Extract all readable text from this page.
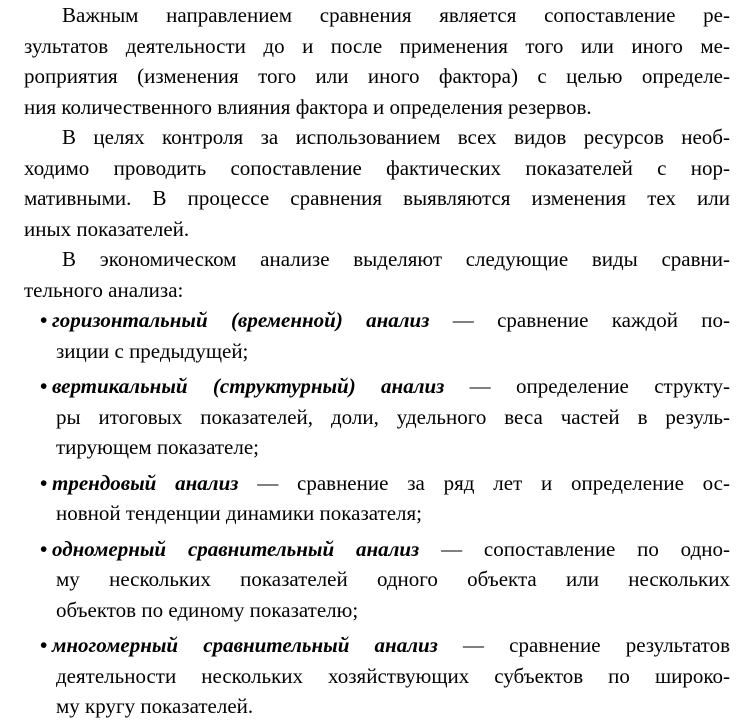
Важным направлением сравнения является сопоставление ре-
зультатов деятельности до и после применения того или иного ме-
роприятия (изменения того или иного фактора) с целью определе-
ния количественного влияния фактора и определения резервов.
В целях контроля за использованием всех видов ресурсов необ-
ходимо проводить сопоставление фактических показателей с нор-
мативными. В процессе сравнения выявляются изменения тех или
иных показателей.
В экономическом анализе выделяют следующие виды сравни-
тельного анализа:
• горизонтальный (временной) анализ — сравнение каждой по-
зиции с предыдущей;
• вертикальный (структурный) анализ — определение структу-
ры итоговых показателей, доли, удельного веса частей в резуль-
тирующем показателе;
• трендовый анализ — сравнение за ряд лет и определение ос-
новной тенденции динамики показателя;
• одномерный сравнительный анализ — сопоставление по одно-
му нескольких показателей одного объекта или нескольких
объектов по единому показателю;
• многомерный сравнительный анализ — сравнение результатов
деятельности нескольких хозяйствующих субъектов по широко-
му кругу показателей.
